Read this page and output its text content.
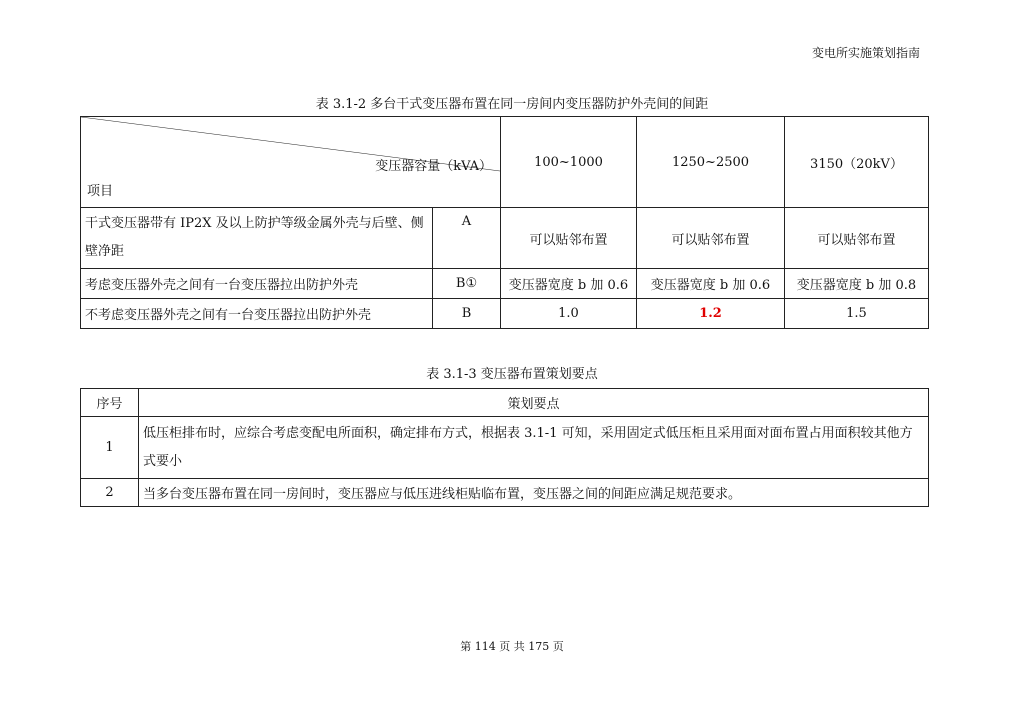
变电所实施策划指南
表 3.1-2 多台干式变压器布置在同一房间内变压器防护外壳间的间距
变压器容量（kVA）
项目		100~1000	1250~2500	3150（20kV）
干式变压器带有 IP2X 及以上防护等级金属外壳与后壁、侧壁净距	A	可以贴邻布置	可以贴邻布置	可以贴邻布置
考虑变压器外壳之间有一台变压器拉出防护外壳	B①	变压器宽度 b 加 0.6	变压器宽度 b 加 0.6	变压器宽度 b 加 0.8
不考虑变压器外壳之间有一台变压器拉出防护外壳	B	1.0	1.2	1.5
表 3.1-3 变压器布置策划要点
序号	策划要点
1	低压柜排布时，应综合考虑变配电所面积，确定排布方式，根据表 3.1-1 可知，采用固定式低压柜且采用面对面布置占用面积较其他方式要小
2	当多台变压器布置在同一房间时，变压器应与低压进线柜贴临布置，变压器之间的间距应满足规范要求。
第 114 页 共 175 页
